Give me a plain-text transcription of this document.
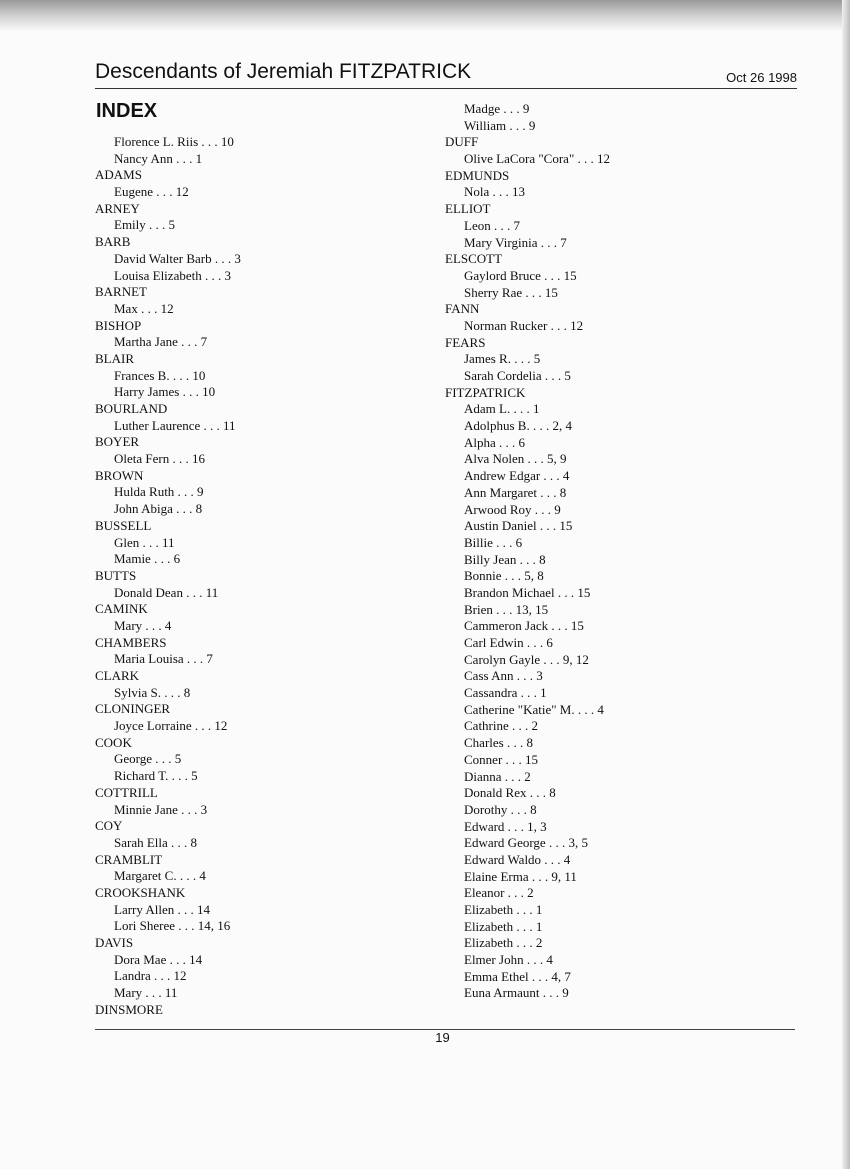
Descendants of Jeremiah FITZPATRICK	Oct 26 1998
INDEX
Florence L. Riis . . . 10
Nancy Ann . . . 1
ADAMS
Eugene . . . 12
ARNEY
Emily . . . 5
BARB
David Walter Barb . . . 3
Louisa Elizabeth . . . 3
BARNET
Max . . . 12
BISHOP
Martha Jane . . . 7
BLAIR
Frances B. . . . 10
Harry James . . . 10
BOURLAND
Luther Laurence . . . 11
BOYER
Oleta Fern . . . 16
BROWN
Hulda Ruth . . . 9
John Abiga . . . 8
BUSSELL
Glen . . . 11
Mamie . . . 6
BUTTS
Donald Dean . . . 11
CAMINK
Mary . . . 4
CHAMBERS
Maria Louisa . . . 7
CLARK
Sylvia S. . . . 8
CLONINGER
Joyce Lorraine . . . 12
COOK
George . . . 5
Richard T. . . . 5
COTTRILL
Minnie Jane . . . 3
COY
Sarah Ella . . . 8
CRAMBLIT
Margaret C. . . . 4
CROOKSHANK
Larry Allen . . . 14
Lori Sheree . . . 14, 16
DAVIS
Dora Mae . . . 14
Landra . . . 12
Mary . . . 11
DINSMORE
Madge . . . 9
William . . . 9
DUFF
Olive LaCora "Cora" . . . 12
EDMUNDS
Nola . . . 13
ELLIOT
Leon . . . 7
Mary Virginia . . . 7
ELSCOTT
Gaylord Bruce . . . 15
Sherry Rae . . . 15
FANN
Norman Rucker . . . 12
FEARS
James R. . . . 5
Sarah Cordelia . . . 5
FITZPATRICK
Adam L. . . . 1
Adolphus B. . . . 2, 4
Alpha . . . 6
Alva Nolen . . . 5, 9
Andrew Edgar . . . 4
Ann Margaret . . . 8
Arwood Roy . . . 9
Austin Daniel . . . 15
Billie . . . 6
Billy Jean . . . 8
Bonnie . . . 5, 8
Brandon Michael . . . 15
Brien . . . 13, 15
Cammeron Jack . . . 15
Carl Edwin . . . 6
Carolyn Gayle . . . 9, 12
Cass Ann . . . 3
Cassandra . . . 1
Catherine "Katie" M. . . . 4
Cathrine . . . 2
Charles . . . 8
Conner . . . 15
Dianna . . . 2
Donald Rex . . . 8
Dorothy . . . 8
Edward . . . 1, 3
Edward George . . . 3, 5
Edward Waldo . . . 4
Elaine Erma . . . 9, 11
Eleanor . . . 2
Elizabeth . . . 1
Elizabeth . . . 1
Elizabeth . . . 2
Elmer John . . . 4
Emma Ethel . . . 4, 7
Euna Armaunt . . . 9
19
